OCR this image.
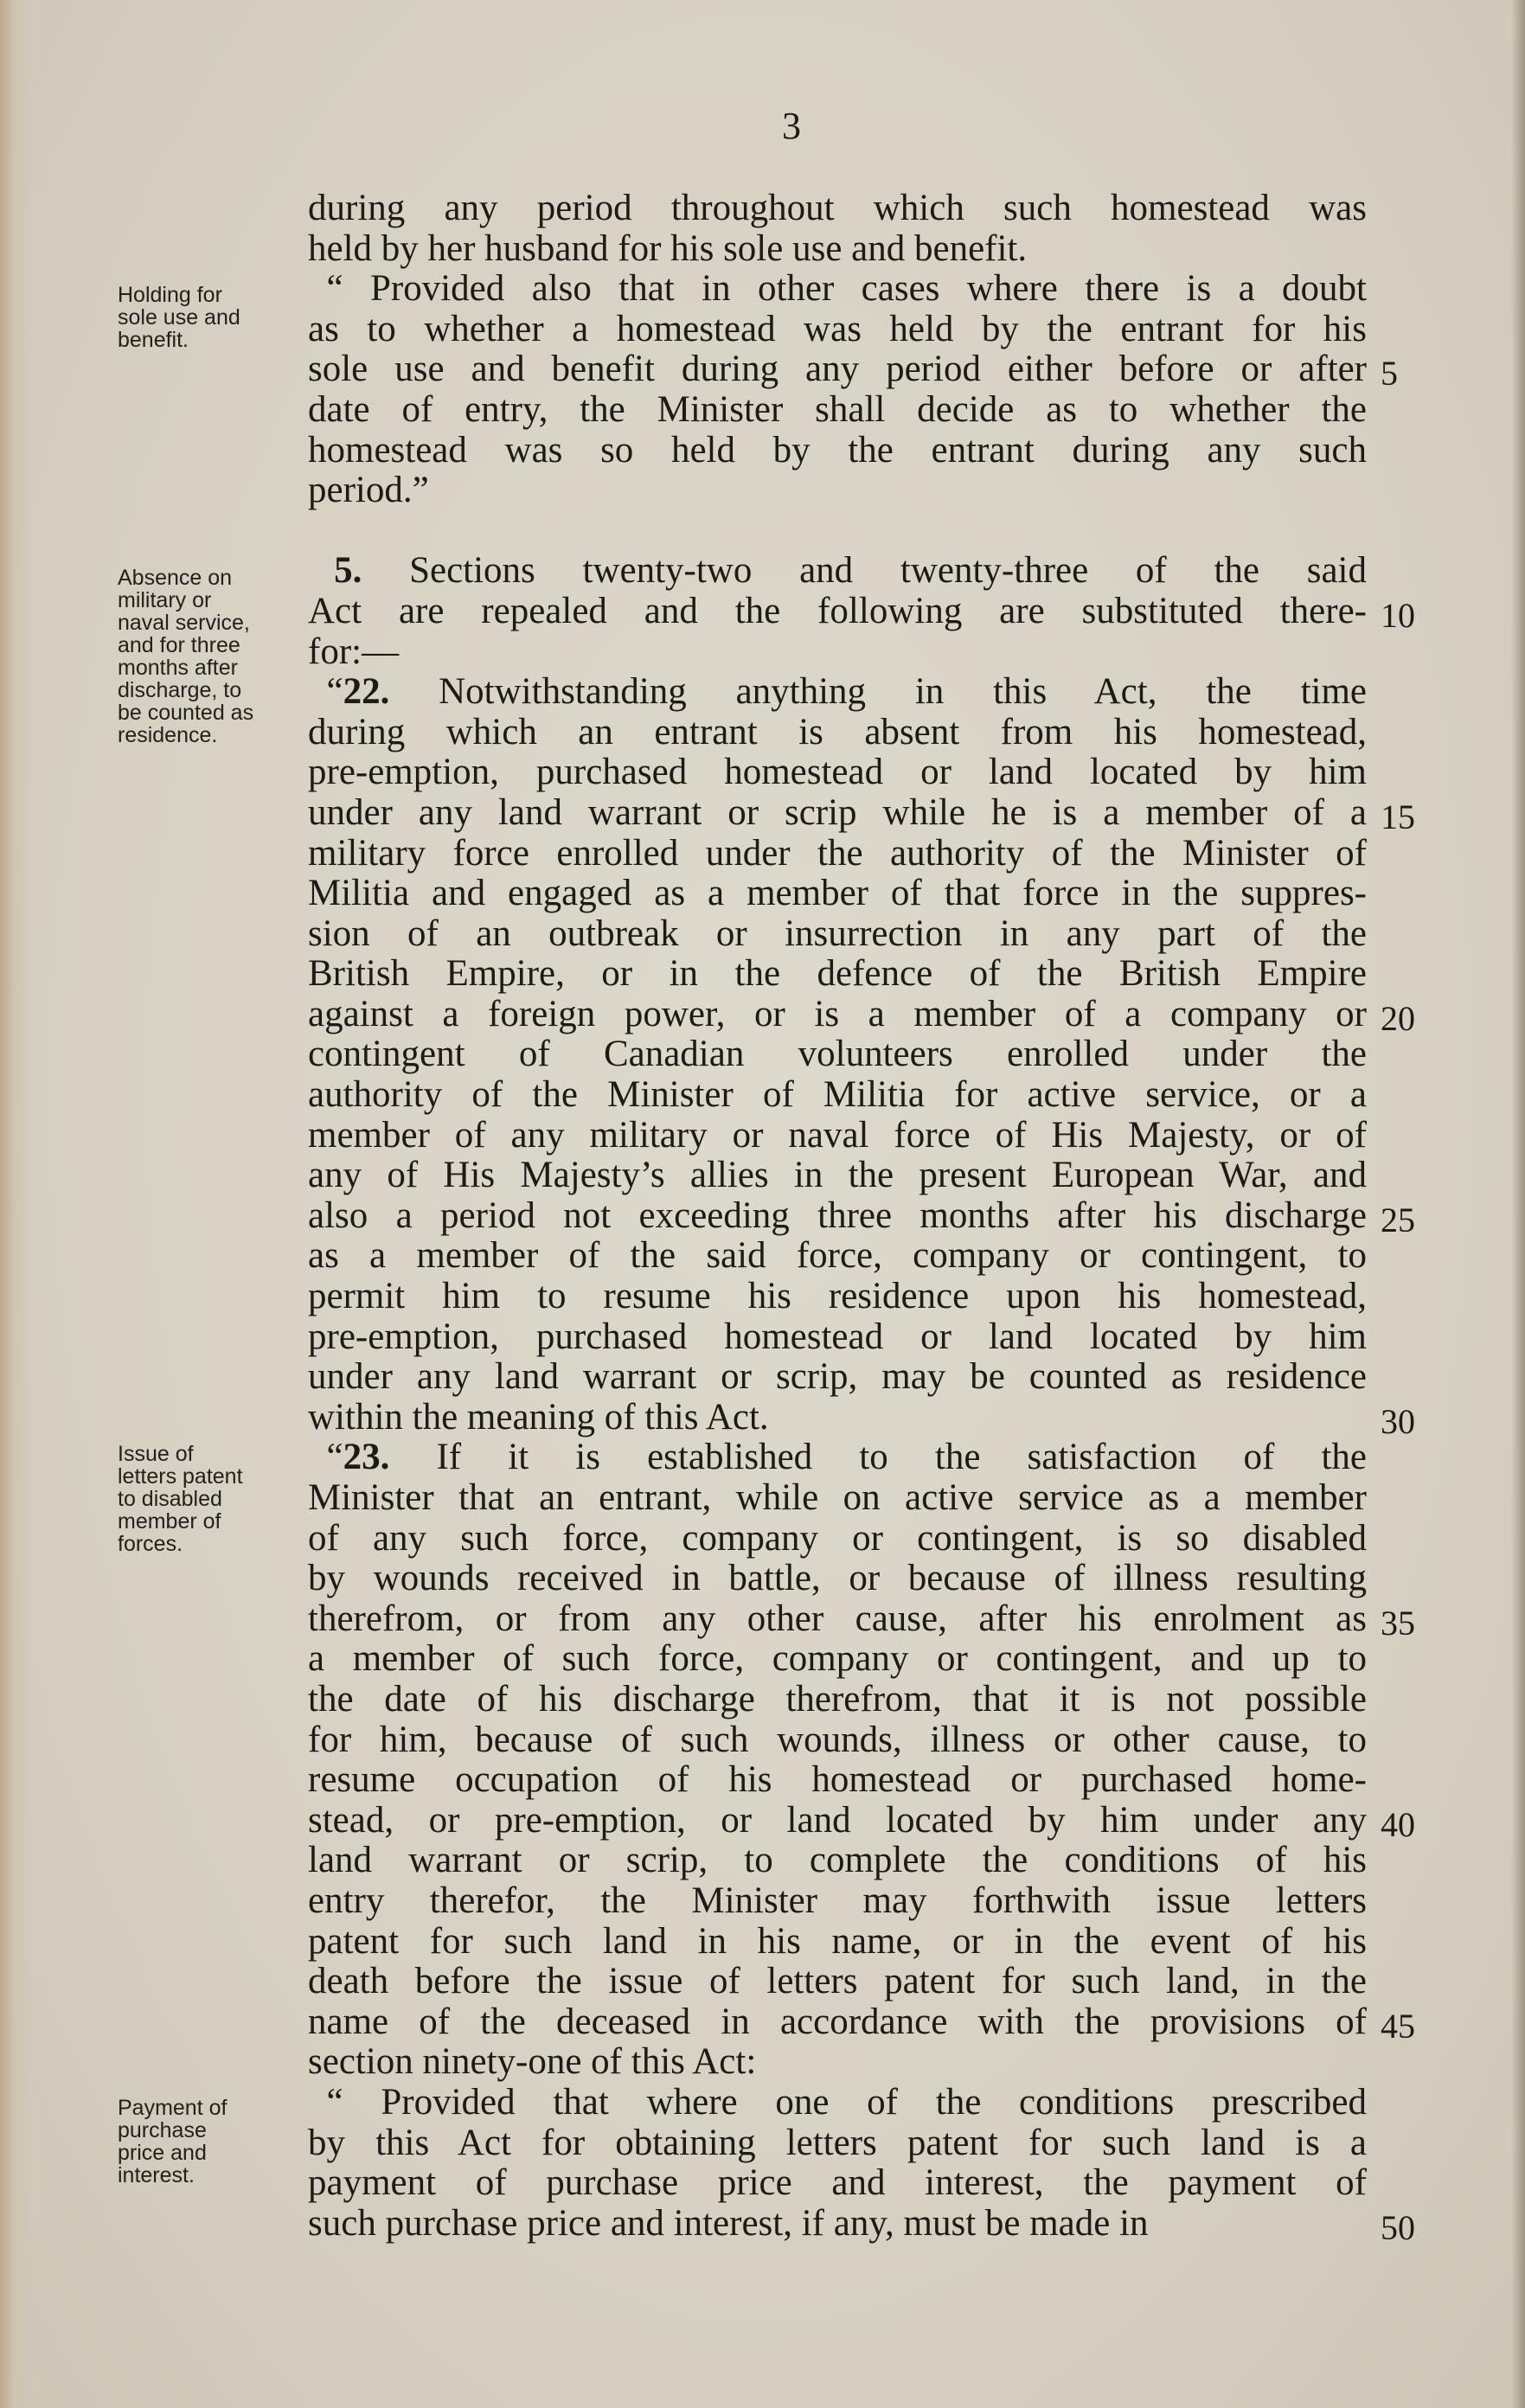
3
Holding for
sole use and
benefit.
Absence on
military or
naval service,
and for three
months after
discharge, to
be counted as
residence.
Issue of
letters patent
to disabled
member of
forces.
Payment of
purchase
price and
interest.
during any period throughout which such homestead was
held by her husband for his sole use and benefit.
“ Provided also that in other cases where there is a doubt
as to whether a homestead was held by the entrant for his
sole use and benefit during any period either before or after
date of entry, the Minister shall decide as to whether the
homestead was so held by the entrant during any such
period.”
5. Sections twenty-two and twenty-three of the said
Act are repealed and the following are substituted there-
for:—
“22. Notwithstanding anything in this Act, the time
during which an entrant is absent from his homestead,
pre-emption, purchased homestead or land located by him
under any land warrant or scrip while he is a member of a
military force enrolled under the authority of the Minister of
Militia and engaged as a member of that force in the suppres-
sion of an outbreak or insurrection in any part of the
British Empire, or in the defence of the British Empire
against a foreign power, or is a member of a company or
contingent of Canadian volunteers enrolled under the
authority of the Minister of Militia for active service, or a
member of any military or naval force of His Majesty, or of
any of His Majesty’s allies in the present European War, and
also a period not exceeding three months after his discharge
as a member of the said force, company or contingent, to
permit him to resume his residence upon his homestead,
pre-emption, purchased homestead or land located by him
under any land warrant or scrip, may be counted as residence
within the meaning of this Act.
“23. If it is established to the satisfaction of the
Minister that an entrant, while on active service as a member
of any such force, company or contingent, is so disabled
by wounds received in battle, or because of illness resulting
therefrom, or from any other cause, after his enrolment as
a member of such force, company or contingent, and up to
the date of his discharge therefrom, that it is not possible
for him, because of such wounds, illness or other cause, to
resume occupation of his homestead or purchased home-
stead, or pre-emption, or land located by him under any
land warrant or scrip, to complete the conditions of his
entry therefor, the Minister may forthwith issue letters
patent for such land in his name, or in the event of his
death before the issue of letters patent for such land, in the
name of the deceased in accordance with the provisions of
section ninety-one of this Act:
“ Provided that where one of the conditions prescribed
by this Act for obtaining letters patent for such land is a
payment of purchase price and interest, the payment of
such purchase price and interest, if any, must be made in
5
10
15
20
25
30
35
40
45
50
